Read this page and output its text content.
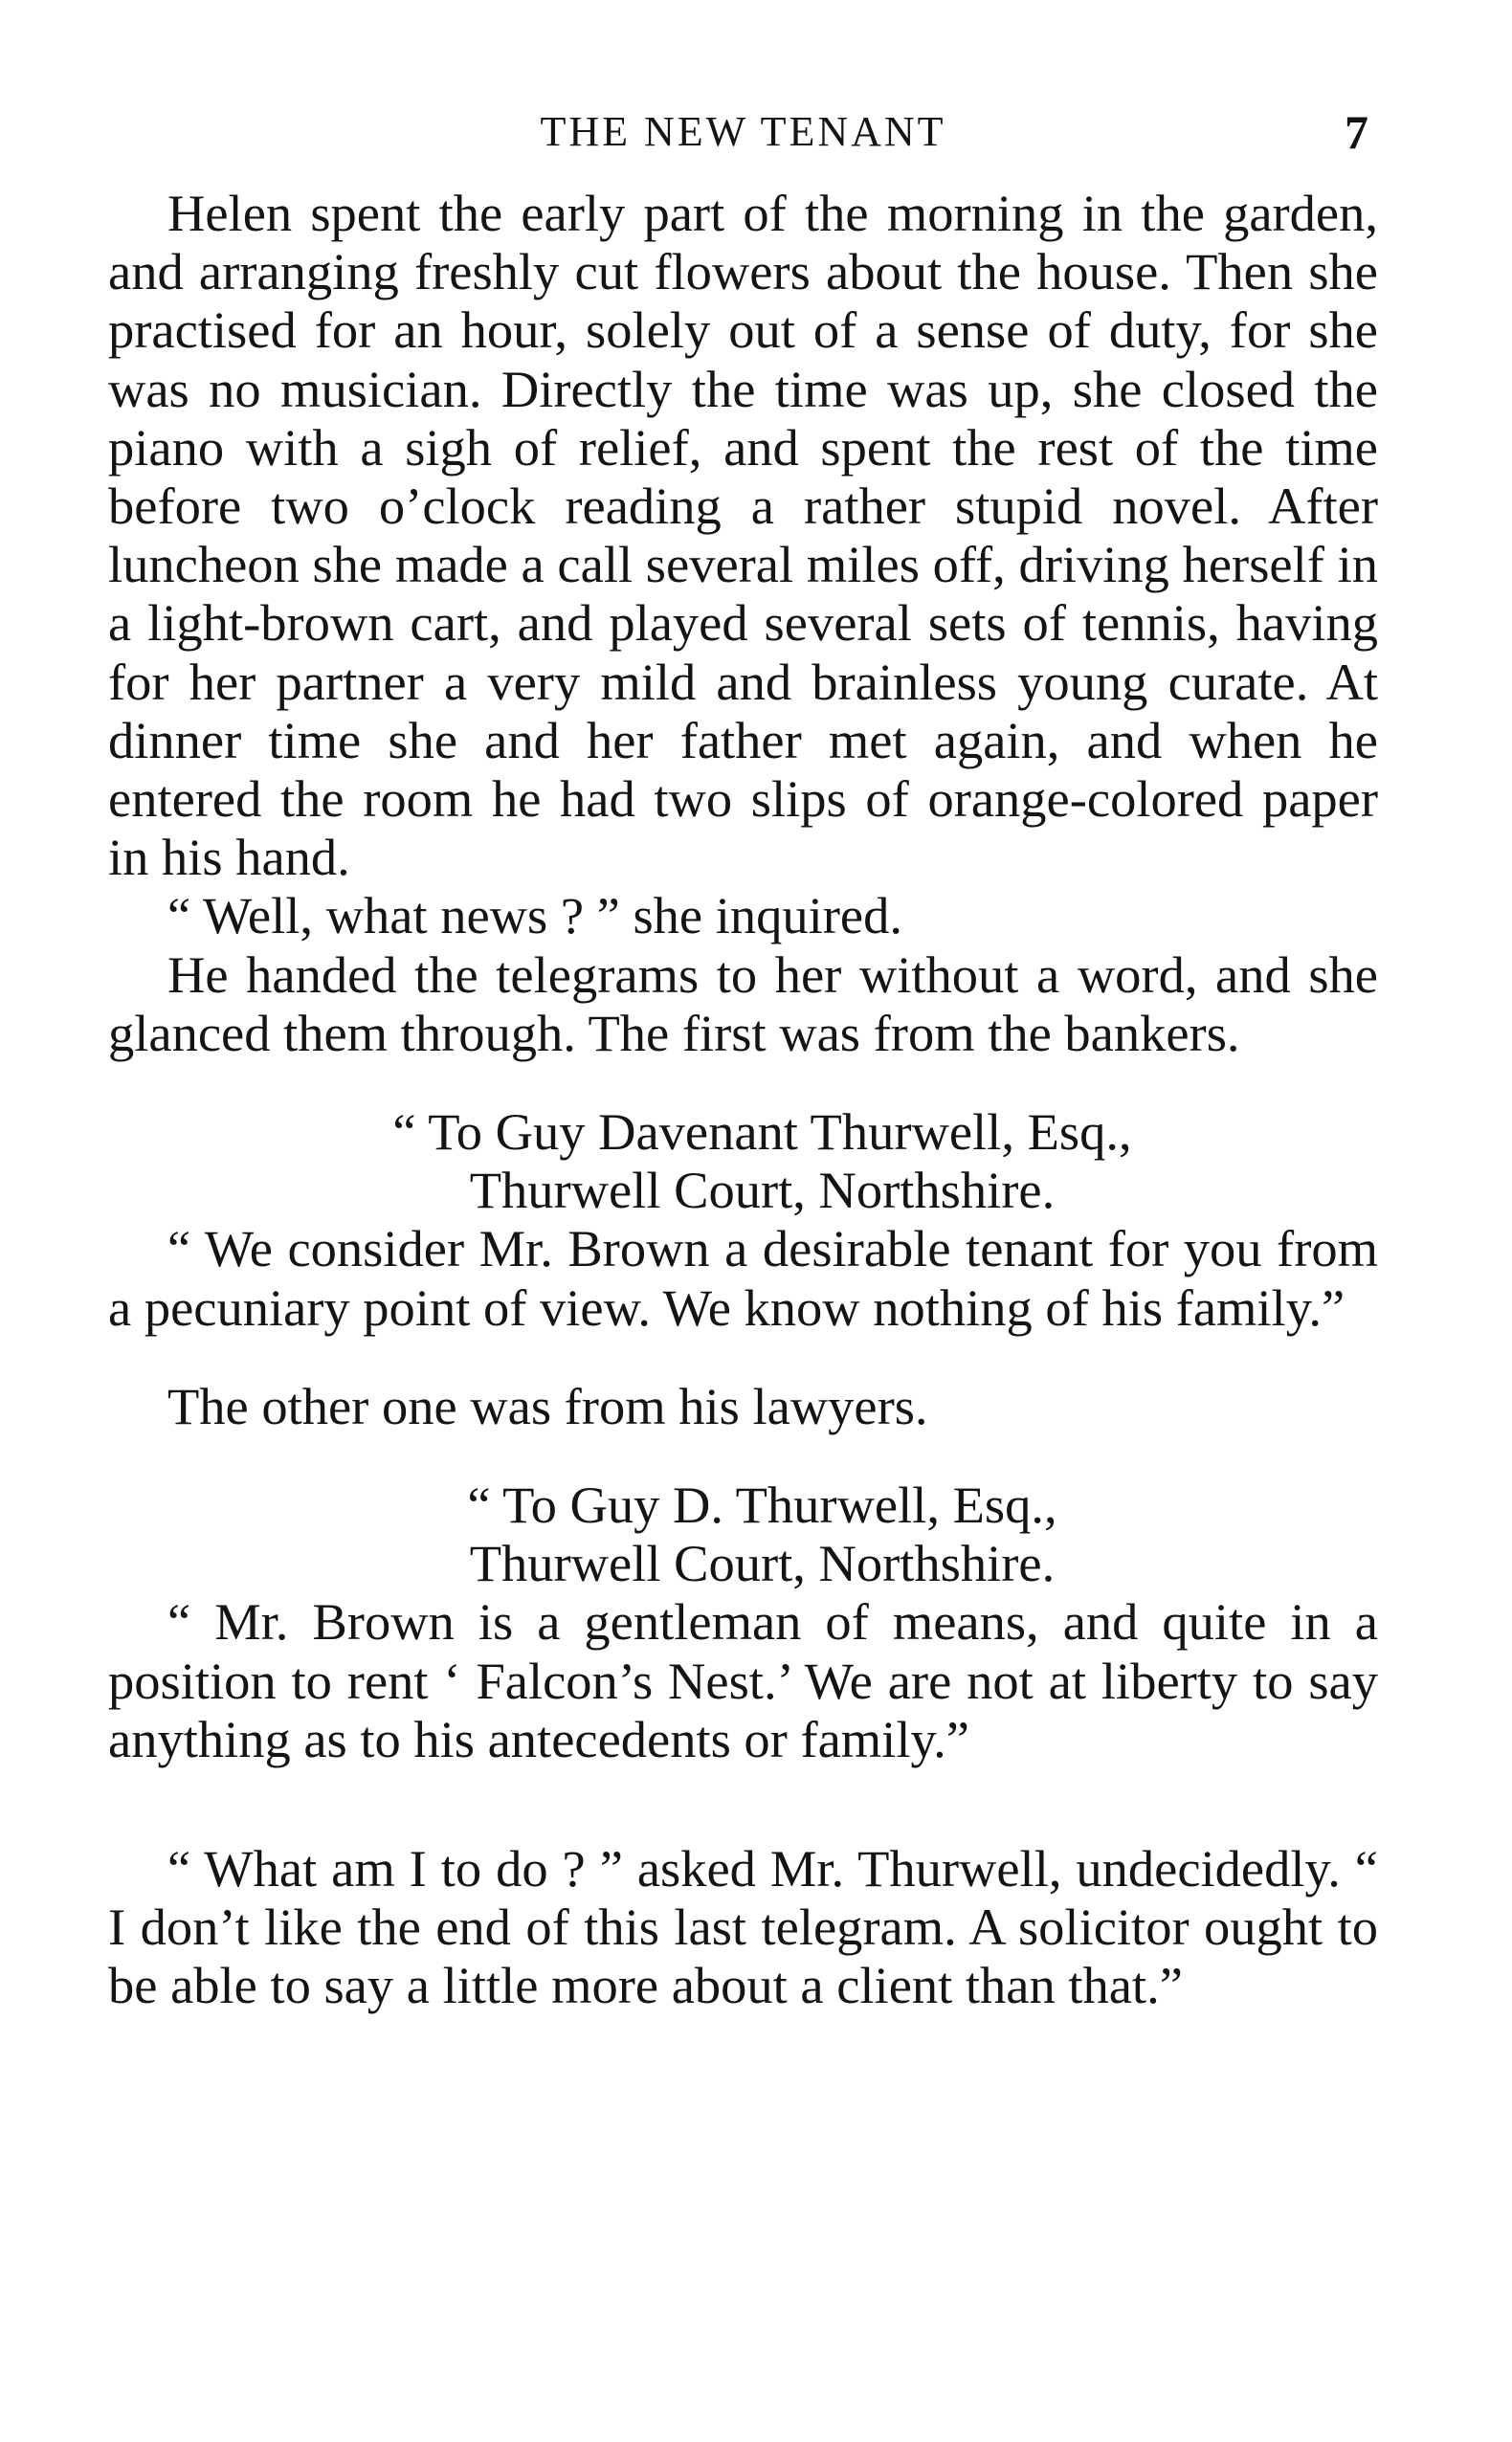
THE NEW TENANT	7

Helen spent the early part of the morning in the garden, and arranging freshly cut flowers about the house. Then she practised for an hour, solely out of a sense of duty, for she was no musician. Directly the time was up, she closed the piano with a sigh of relief, and spent the rest of the time before two o’clock reading a rather stupid novel. After luncheon she made a call several miles off, driving herself in a light-brown cart, and played several sets of tennis, having for her partner a very mild and brainless young curate. At dinner time she and her father met again, and when he entered the room he had two slips of orange-colored paper in his hand.

“ Well, what news ? ” she inquired.

He handed the telegrams to her without a word, and she glanced them through. The first was from the bankers.

“ To Guy Davenant Thurwell, Esq.,
Thurwell Court, Northshire.

“ We consider Mr. Brown a desirable tenant for you from a pecuniary point of view. We know nothing of his family.”

The other one was from his lawyers.

“ To Guy D. Thurwell, Esq.,
Thurwell Court, Northshire.

“ Mr. Brown is a gentleman of means, and quite in a position to rent ‘ Falcon’s Nest.’ We are not at liberty to say anything as to his antecedents or family.”

“ What am I to do ? ” asked Mr. Thurwell, undecidedly. “ I don’t like the end of this last telegram. A solicitor ought to be able to say a little more about a client than that.”
